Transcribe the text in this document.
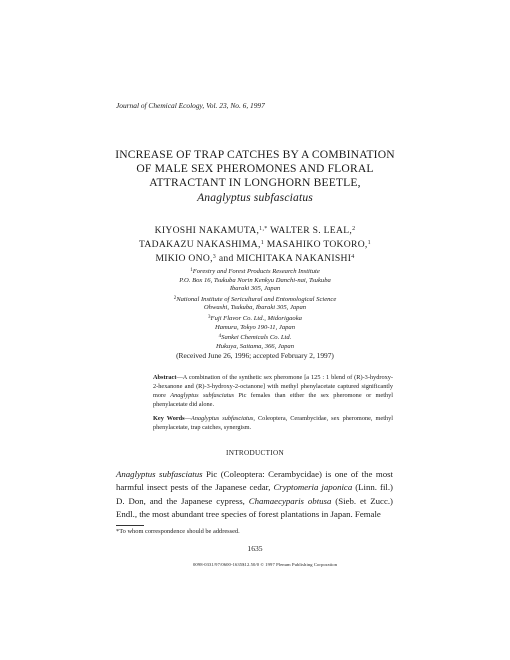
Journal of Chemical Ecology, Vol. 23, No. 6, 1997
INCREASE OF TRAP CATCHES BY A COMBINATION
OF MALE SEX PHEROMONES AND FLORAL
ATTRACTANT IN LONGHORN BEETLE,
Anaglyptus subfasciatus
KIYOSHI NAKAMUTA,$^{1,*}$ WALTER S. LEAL,$^2$
TADAKAZU NAKASHIMA,$^1$ MASAHIKO TOKORO,$^1$
MIKIO ONO,$^3$ and MICHITAKA NAKANISHI$^4$
$^1$Forestry and Forest Products Research Institute
P.O. Box 16, Tsukuba Norin Kenkyu Danchi-nai, Tsukuba
Ibaraki 305, Japan
$^2$National Institute of Sericultural and Entomological Science
Ohwashi, Tsukuba, Ibaraki 305, Japan
$^3$Fuji Flavor Co. Ltd., Midorigaoka
Hamura, Tokyo 190-11, Japan
$^4$Sankei Chemicals Co. Ltd.
Hukuya, Saitama, 366, Japan
(Received June 26, 1996; accepted February 2, 1997)
Abstract—A combination of the synthetic sex pheromone [a 125 : 1 blend of (R)-3-hydroxy-2-hexanone and (R)-3-hydroxy-2-octanone] with methyl phenylacetate captured significantly more Anaglyptus subfasciatus Pic females than either the sex pheromone or methyl phenylacetate did alone.
Key Words—Anaglyptus subfasciatus, Coleoptera, Cerambycidae, sex pheromone, methyl phenylacetate, trap catches, synergism.
INTRODUCTION
Anaglyptus subfasciatus Pic (Coleoptera: Cerambycidae) is one of the most harmful insect pests of the Japanese cedar, Cryptomeria japonica (Linn. fil.) D. Don, and the Japanese cypress, Chamaecyparis obtusa (Sieb. et Zucc.) Endl., the most abundant tree species of forest plantations in Japan. Female
*To whom correspondence should be addressed.
1635
0098-0331/97/0600-1635$12.50/0 © 1997 Plenum Publishing Corporation
